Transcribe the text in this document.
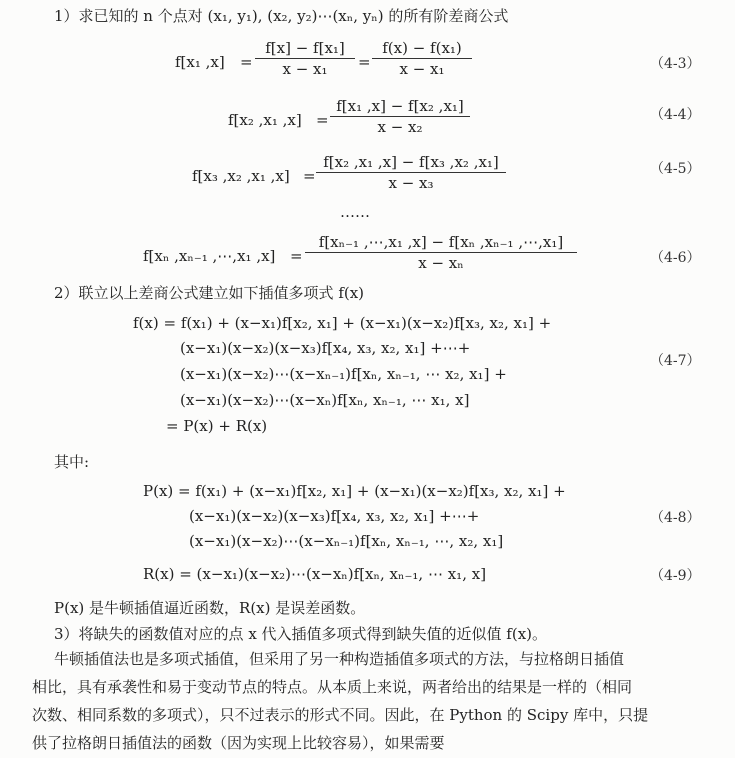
1）求已知的 n 个点对 (x₁, y₁), (x₂, y₂)⋯(xₙ, yₙ) 的所有阶差商公式
f[x₁ $,x] = \frac{\text{f[x] − f[x₁]}}{\text{x − x₁}} = \frac{\text{f(x) − f(x₁)}}{\text{x − x₁}}$	（4-3）
f[x₂ ,x₁ $,x] = \frac{\text{f[x₁ ,x] − f[x₂ ,x₁]}}{\text{x − x₂}}$	（4-4）
f[x₃ ,x₂ ,x₁ $,x] = \frac{\text{f[x₂ ,x₁ ,x] − f[x₃ ,x₂ ,x₁]}}{\text{x − x₃}}$	（4-5）
……
f[xₙ ,xₙ₋₁ ,⋯,x₁ $,x] = \frac{\text{f[xₙ₋₁ ,⋯,x₁ ,x] − f[xₙ ,xₙ₋₁ ,⋯,x₁]}}{\text{x − xₙ}}$	（4-6）
2）联立以上差商公式建立如下插值多项式 f(x)
f(x) = f(x₁) + (x−x₁)f[x₂, x₁] + (x−x₁)(x−x₂)f[x₃, x₂, x₁] +
(x−x₁)(x−x₂)(x−x₃)f[x₄, x₃, x₂, x₁] +⋯+
(x−x₁)(x−x₂)⋯(x−xₙ₋₁)f[xₙ, xₙ₋₁, ⋯ x₂, x₁] +
(x−x₁)(x−x₂)⋯(x−xₙ)f[xₙ, xₙ₋₁, ⋯ x₁, x]
= P(x) + R(x)
（4-7）
其中:
P(x) = f(x₁) + (x−x₁)f[x₂, x₁] + (x−x₁)(x−x₂)f[x₃, x₂, x₁] +
(x−x₁)(x−x₂)(x−x₃)f[x₄, x₃, x₂, x₁] +⋯+
(x−x₁)(x−x₂)⋯(x−xₙ₋₁)f[xₙ, xₙ₋₁, ⋯, x₂, x₁]
（4-8）
R(x) = (x−x₁)(x−x₂)⋯(x−xₙ)f[xₙ, xₙ₋₁, ⋯ x₁, x]	（4-9）
P(x) 是牛顿插值逼近函数，R(x) 是误差函数。
3）将缺失的函数值对应的点 x 代入插值多项式得到缺失值的近似值 f(x)。
牛顿插值法也是多项式插值，但采用了另一种构造插值多项式的方法，与拉格朗日插值
相比，具有承袭性和易于变动节点的特点。从本质上来说，两者给出的结果是一样的（相同
次数、相同系数的多项式），只不过表示的形式不同。因此，在 Python 的 Scipy 库中，只提
供了拉格朗日插值法的函数（因为实现上比较容易），如果需要
